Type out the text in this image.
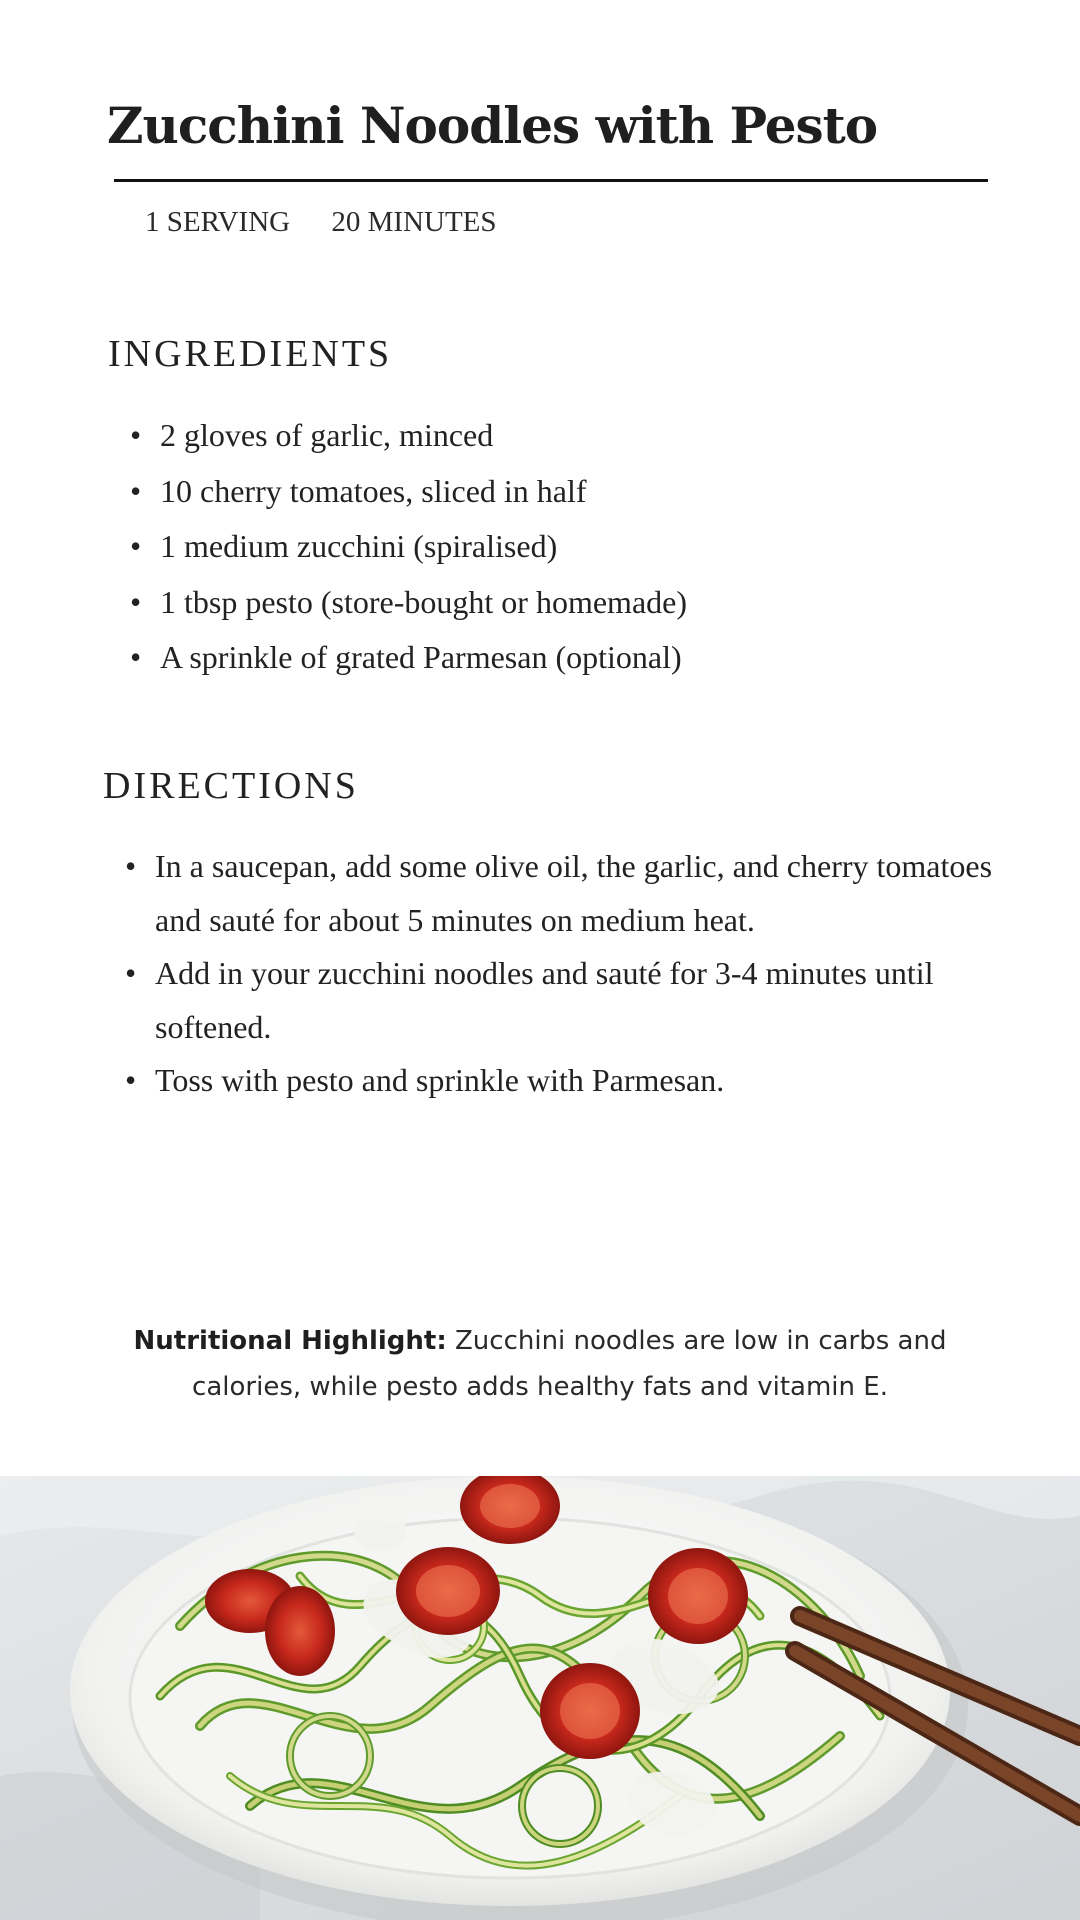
Zucchini Noodles with Pesto
1 SERVING 20 MINUTES
INGREDIENTS
• 2 gloves of garlic, minced
• 10 cherry tomatoes, sliced in half
• 1 medium zucchini (spiralised)
• 1 tbsp pesto (store-bought or homemade)
• A sprinkle of grated Parmesan (optional)
DIRECTIONS
• In a saucepan, add some olive oil, the garlic, and cherry tomatoes and sauté for about 5 minutes on medium heat.
• Add in your zucchini noodles and sauté for 3-4 minutes until softened.
• Toss with pesto and sprinkle with Parmesan.
Nutritional Highlight: Zucchini noodles are low in carbs and calories, while pesto adds healthy fats and vitamin E.
